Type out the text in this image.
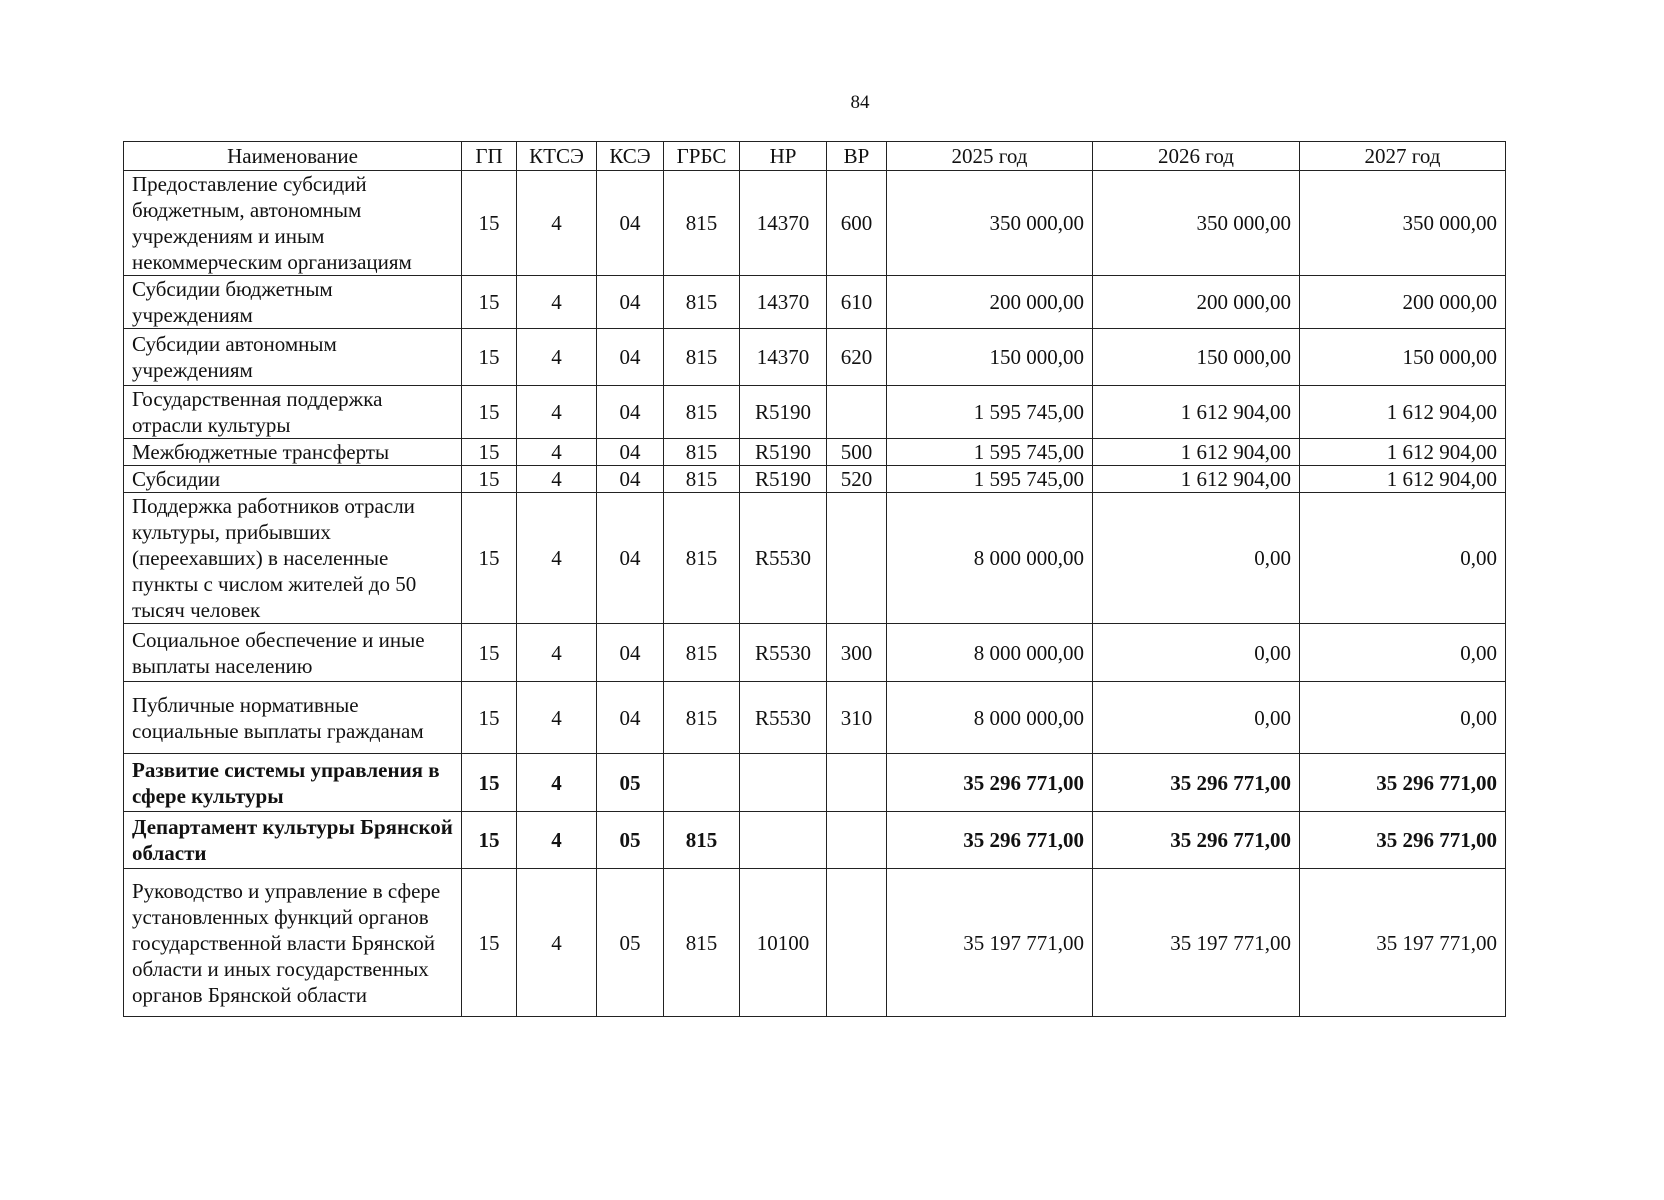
84
Наименование	ГП	КТСЭ	КСЭ	ГРБС	НР	ВР	2025 год	2026 год	2027 год
Предоставление субсидий бюджетным, автономным учреждениям и иным некоммерческим организациям	15	4	04	815	14370	600	350 000,00	350 000,00	350 000,00
Субсидии бюджетным учреждениям	15	4	04	815	14370	610	200 000,00	200 000,00	200 000,00
Субсидии автономным учреждениям	15	4	04	815	14370	620	150 000,00	150 000,00	150 000,00
Государственная поддержка отрасли культуры	15	4	04	815	R5190		1 595 745,00	1 612 904,00	1 612 904,00
Межбюджетные трансферты	15	4	04	815	R5190	500	1 595 745,00	1 612 904,00	1 612 904,00
Субсидии	15	4	04	815	R5190	520	1 595 745,00	1 612 904,00	1 612 904,00
Поддержка работников отрасли культуры, прибывших (переехавших) в населенные пункты с числом жителей до 50 тысяч человек	15	4	04	815	R5530		8 000 000,00	0,00	0,00
Социальное обеспечение и иные выплаты населению	15	4	04	815	R5530	300	8 000 000,00	0,00	0,00
Публичные нормативные социальные выплаты гражданам	15	4	04	815	R5530	310	8 000 000,00	0,00	0,00
Развитие системы управления в сфере культуры	15	4	05				35 296 771,00	35 296 771,00	35 296 771,00
Департамент культуры Брянской области	15	4	05	815			35 296 771,00	35 296 771,00	35 296 771,00
Руководство и управление в сфере установленных функций органов государственной власти Брянской области и иных государственных органов Брянской области	15	4	05	815	10100		35 197 771,00	35 197 771,00	35 197 771,00
